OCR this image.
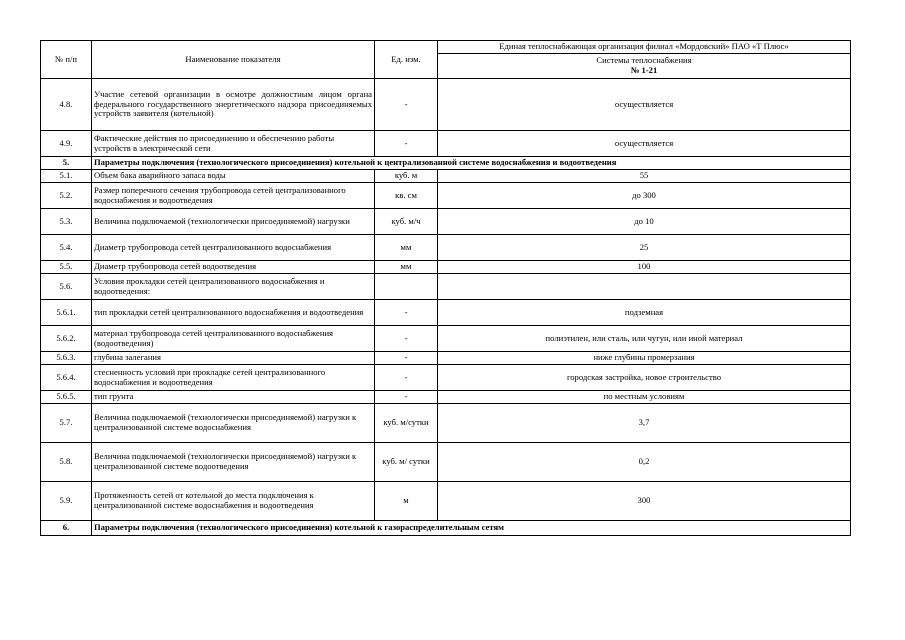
№ п/п	Наименование показателя	Ед. изм.	Единая теплоснабжающая организация филиал «Мордовский» ПАО «Т Плюс»

			Системы теплоснабжения
№ 1-21

4.8.	Участие сетевой организации в осмотре должностным лицом органа федерального государственного энергетического надзора присоединяемых устройств заявителя (котельной)	-	осуществляется
4.9.	Фактические действия по присоединению и обеспечению работы устройств в электрической сети	-	осуществляется
5.	Параметры подключения (технологического присоединения) котельной к централизованной системе водоснабжения и водоотведения		
5.1.	Объем бака аварийного запаса воды	куб. м	55
5.2.	Размер поперечного сечения трубопровода сетей централизованного водоснабжения и водоотведения	кв. см	до 300
5.3.	Величина подключаемой (технологически присоединяемой) нагрузки	куб. м/ч	до 10
5.4.	Диаметр трубопровода сетей централизованного водоснабжения	мм	25
5.5.	Диаметр трубопровода сетей водоотведения	мм	100
5.6.	Условия прокладки сетей централизованного водоснабжения и водоотведения:		
5.6.1.	тип прокладки сетей централизованного водоснабжения и водоотведения	-	подземная
5.6.2.	материал трубопровода сетей централизованного водоснабжения (водоотведения)	-	полиэтилен, или сталь, или чугун, или иной материал
5.6.3.	глубина залегания	-	ниже глубины промерзания
5.6.4.	стесненность условий при прокладке сетей централизованного водоснабжения и водоотведения	-	городская застройка, новое строительство
5.6.5.	тип грунта	-	по местным условиям
5.7.	Величина подключаемой (технологически присоединяемой) нагрузки к централизованной системе водоснабжения	куб. м/сутки	3,7
5.8.	Величина подключаемой (технологически присоединяемой) нагрузки к централизованной системе водоотведения	куб. м/ сутки	0,2
5.9.	Протяженность сетей от котельной до места подключения к централизованной системе водоснабжения и водоотведения	м	300
6.	Параметры подключения (технологического присоединения) котельной к газораспределительным сетям		
